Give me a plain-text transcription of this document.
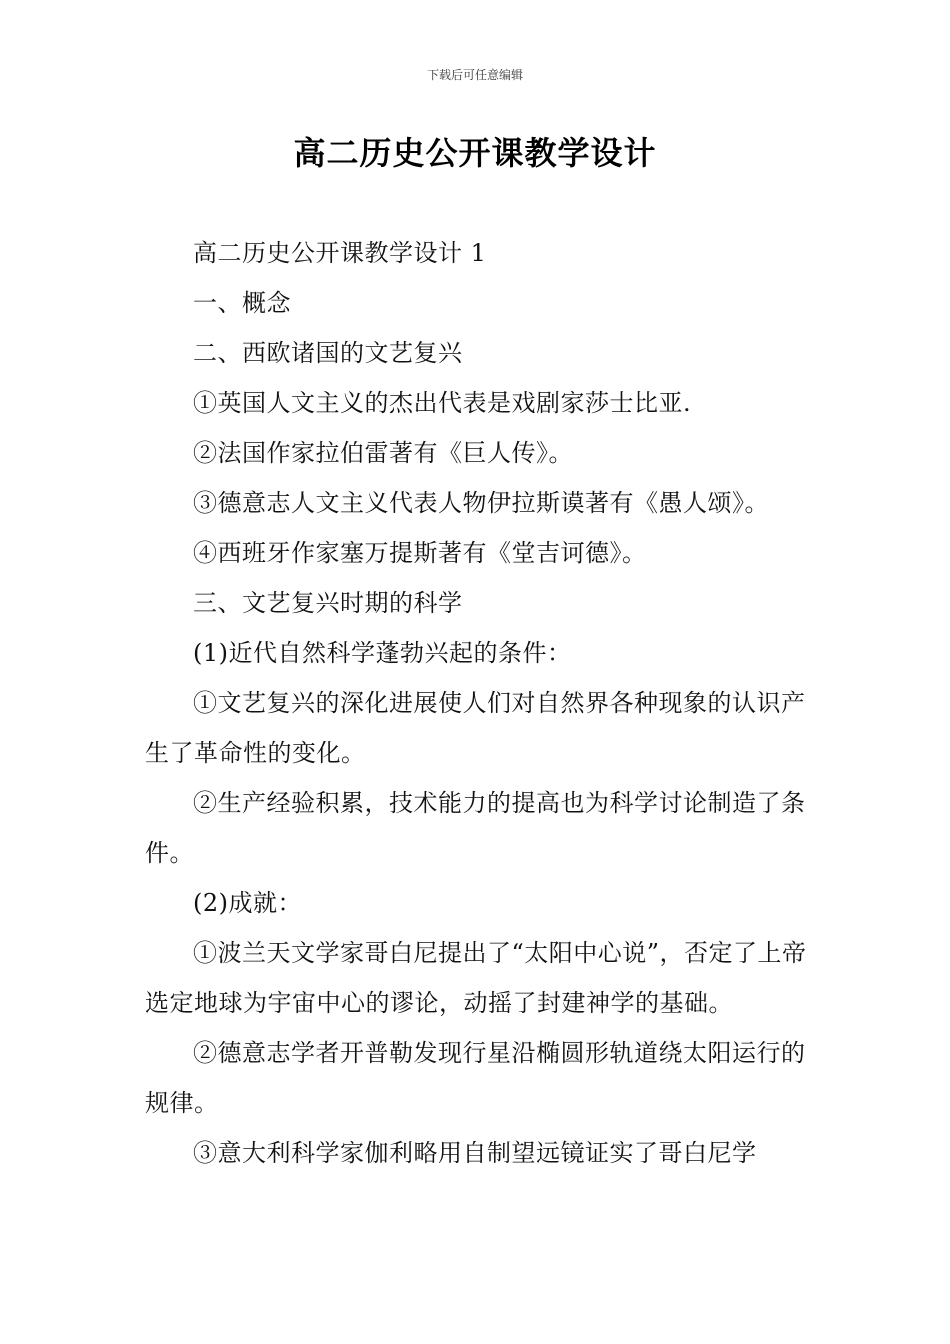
下载后可任意编辑
高二历史公开课教学设计

高二历史公开课教学设计 1

一、概念

二、西欧诸国的文艺复兴

①英国人文主义的杰出代表是戏剧家莎士比亚.

②法国作家拉伯雷著有《巨人传》。

③德意志人文主义代表人物伊拉斯谟著有《愚人颂》。

④西班牙作家塞万提斯著有《堂吉诃德》。

三、文艺复兴时期的科学

(1)近代自然科学蓬勃兴起的条件：

①文艺复兴的深化进展使人们对自然界各种现象的认识产生了革命性的变化。

②生产经验积累，技术能力的提高也为科学讨论制造了条件。

(2)成就：

①波兰天文学家哥白尼提出了“太阳中心说”，否定了上帝选定地球为宇宙中心的谬论，动摇了封建神学的基础。

②德意志学者开普勒发现行星沿椭圆形轨道绕太阳运行的规律。

③意大利科学家伽利略用自制望远镜证实了哥白尼学
